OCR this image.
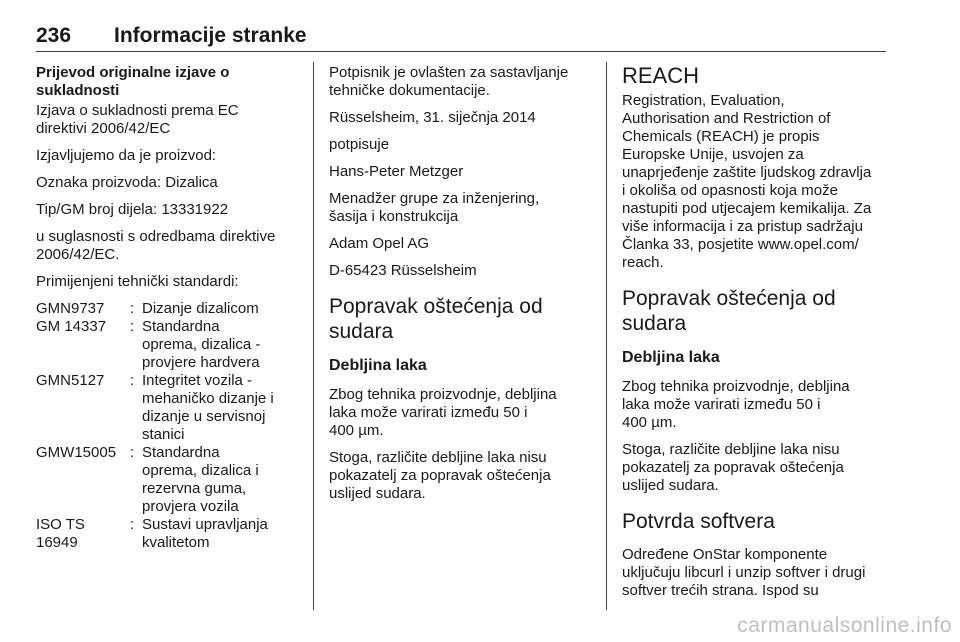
236 Informacije stranke

Prijevod originalne izjave o
sukladnosti

Izjava o sukladnosti prema EC
direktivi 2006/42/EC

Izjavljujemo da je proizvod:

Oznaka proizvoda: Dizalica

Tip/GM broj dijela: 13331922

u suglasnosti s odredbama direktive
2006/42/EC.

Primijenjeni tehnički standardi:

GMN9737	: Dizanje dizalicom
GM 14337	: Standardna
oprema, dizalica -
provjere hardvera
GMN5127	: Integritet vozila -
mehaničko dizanje i
dizanje u servisnoj
stanici
GMW15005 : Standardna
oprema, dizalica i
rezervna guma,
provjera vozila
ISO TS 16949
: Sustavi upravljanja
kvalitetom

Potpisnik je ovlašten za sastavljanje
tehničke dokumentacije.

Rüsselsheim, 31. siječnja 2014

potpisuje

Hans-Peter Metzger

Menadžer grupe za inženjering,
šasija i konstrukcija

Adam Opel AG

D-65423 Rüsselsheim

Popravak oštećenja od
sudara

Debljina laka

Zbog tehnika proizvodnje, debljina
laka može varirati između 50 i
400 µm.

Stoga, različite debljine laka nisu
pokazatelj za popravak oštećenja
uslijed sudara.

REACH

Registration, Evaluation,
Authorisation and Restriction of
Chemicals (REACH) je propis
Europske Unije, usvojen za
unaprjeđenje zaštite ljudskog zdravlja
i okoliša od opasnosti koja može
nastupiti pod utjecajem kemikalija. Za
više informacija i za pristup sadržaju
Članka 33, posjetite www.opel.com/
reach.

Popravak oštećenja od
sudara

Debljina laka

Zbog tehnika proizvodnje, debljina
laka može varirati između 50 i
400 µm.

Stoga, različite debljine laka nisu
pokazatelj za popravak oštećenja
uslijed sudara.

Potvrda softvera

Određene OnStar komponente
uključuju libcurl i unzip softver i drugi
softver trećih strana. Ispod su

carmanualsonline.info
